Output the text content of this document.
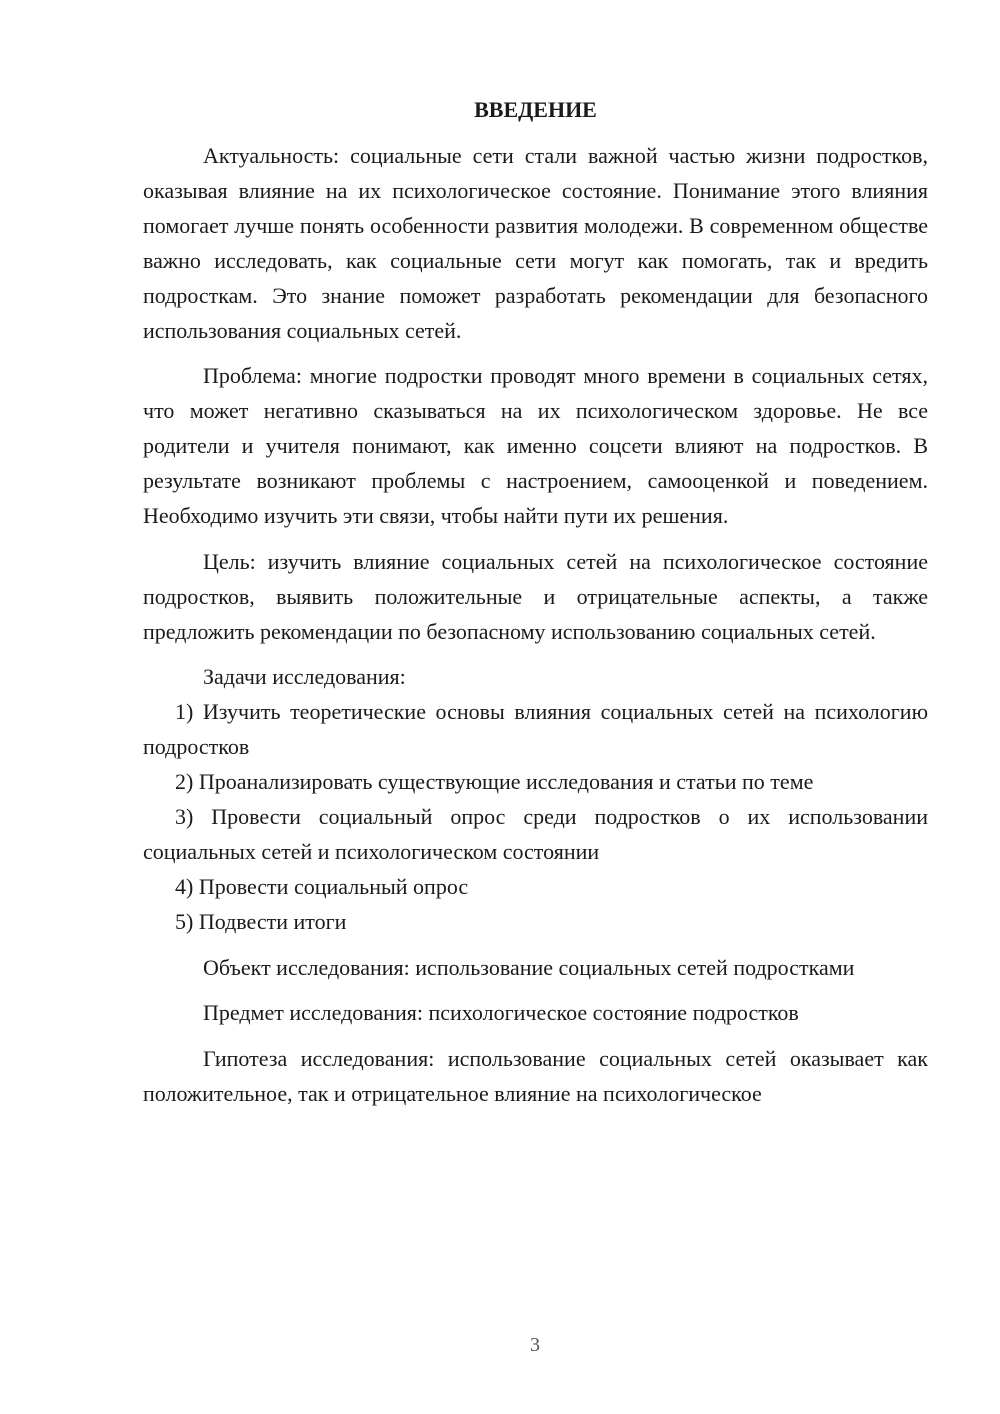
ВВЕДЕНИЕ

Актуальность: социальные сети стали важной частью жизни подростков, оказывая влияние на их психологическое состояние. Понимание этого влияния помогает лучше понять особенности развития молодежи. В современном обществе важно исследовать, как социальные сети могут как помогать, так и вредить подросткам. Это знание поможет разработать рекомендации для безопасного использования социальных сетей.

Проблема: многие подростки проводят много времени в социальных сетях, что может негативно сказываться на их психологическом здоровье. Не все родители и учителя понимают, как именно соцсети влияют на подростков. В результате возникают проблемы с настроением, самооценкой и поведением. Необходимо изучить эти связи, чтобы найти пути их решения.

Цель: изучить влияние социальных сетей на психологическое состояние подростков, выявить положительные и отрицательные аспекты, а также предложить рекомендации по безопасному использованию социальных сетей.

Задачи исследования:

1) Изучить теоретические основы влияния социальных сетей на психологию подростков

2) Проанализировать существующие исследования и статьи по теме

3) Провести социальный опрос среди подростков о их использовании социальных сетей и психологическом состоянии

4) Провести социальный опрос

5) Подвести итоги

Объект исследования: использование социальных сетей подростками

Предмет исследования: психологическое состояние подростков

Гипотеза исследования: использование социальных сетей оказывает как положительное, так и отрицательное влияние на психологическое

3
